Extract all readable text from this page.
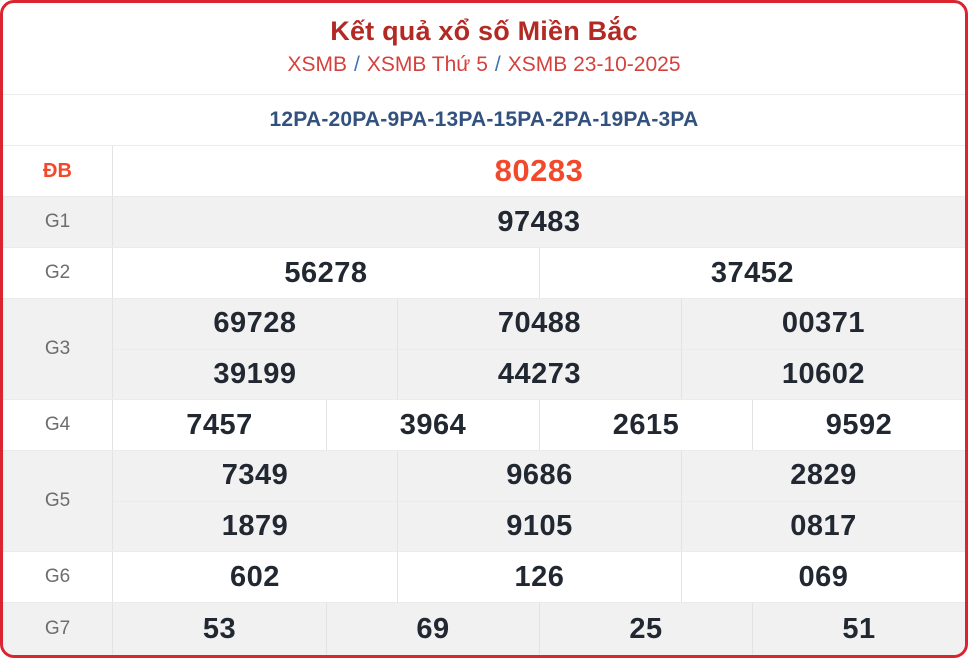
Kết quả xổ số Miền Bắc
XSMB / XSMB Thứ 5 / XSMB 23-10-2025
12PA-20PA-9PA-13PA-15PA-2PA-19PA-3PA
ĐB	80283
G1	97483
G2	56278	37452
G3
69728	70488	00371
39199	44273	10602
G4	7457	3964	2615	9592
G5
7349	9686	2829
1879	9105	0817
G6	602	126	069
G7	53	69	25	51
